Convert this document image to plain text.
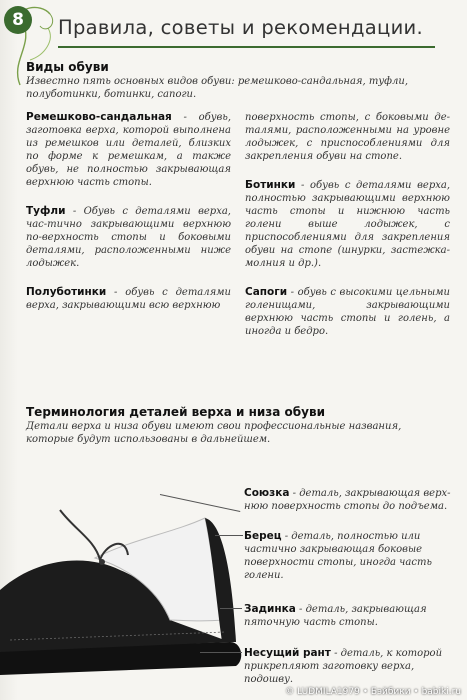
8	Правила, советы и рекомендации.
Виды обуви
Известно пять основных видов обуви: ремешково-сандальная, туфли, полуботинки, ботинки, сапоги.

Ремешково-сандальная - обувь, заготовка верха, которой выполнена из ремешков или деталей, близких по форме к ремешкам, а также обувь, не полностью закрывающая верхнюю часть стопы.

Туфли - Обувь с деталями верха, час-тично закрывающими верхнюю по-верхность стопы и боковыми деталями, расположенными ниже лодыжек.

Полуботинки - обувь с деталями верха, закрывающими всю верхнюю

поверхность стопы, с боковыми де-талями, расположенными на уровне лодыжек, с приспособлениями для закрепления обуви на стопе.

Ботинки - обувь с деталями верха, полностью закрывающими верхнюю часть стопы и нижнюю часть голени выше лодыжек, с приспособлениями для закрепления обуви на стопе (шнурки, застежка-молния и др.).

Сапоги - обувь с высокими цельными голенищами, закрывающими верхнюю часть стопы и голень, а иногда и бедро.

Терминология деталей верха и низа обуви
Детали верха и низа обуви имеют свои профессиональные названия, которые будут использованы в дальнейшем.
Союзка - деталь, закрывающая верх-нюю поверхность стопы до подъема.
Берец - деталь, полностью или частично закрывающая боковые поверхности стопы, иногда часть голени.
Задинка - деталь, закрывающая пяточную часть стопы.
Несущий рант - деталь, к которой прикрепляют заготовку верха, подошву.
© LUDMILA1979 • Бэйбики • babiki.ru
